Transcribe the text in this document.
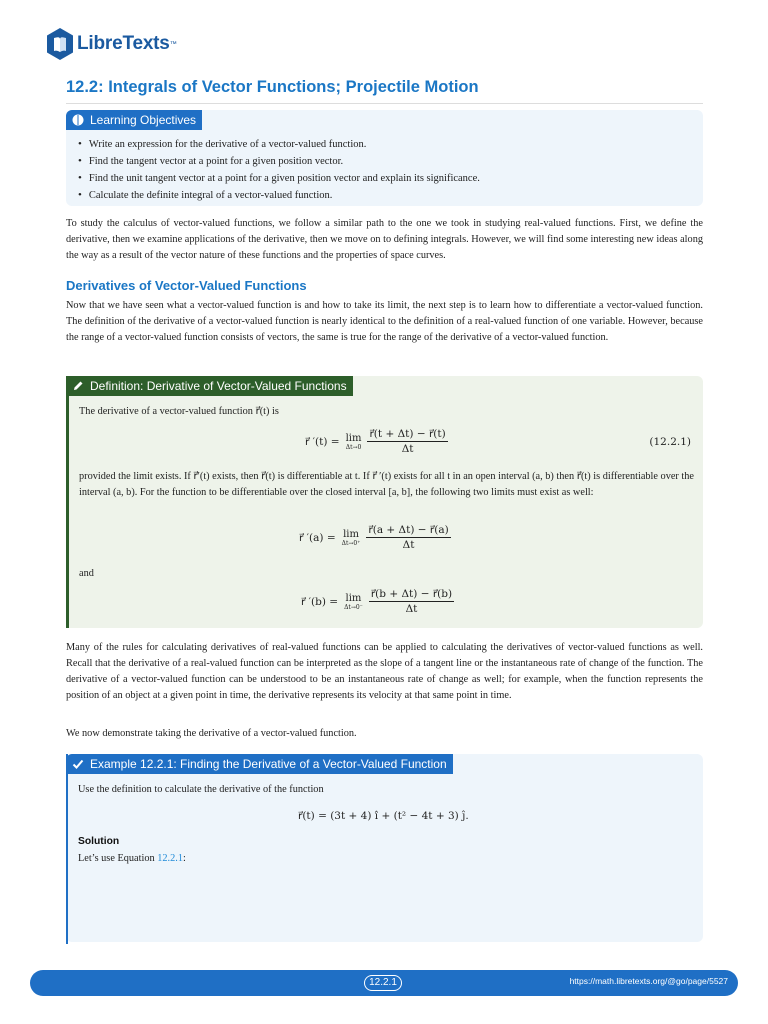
LibreTexts ™
12.2: Integrals of Vector Functions; Projectile Motion
Learning Objectives
• Write an expression for the derivative of a vector-valued function.
• Find the tangent vector at a point for a given position vector.
• Find the unit tangent vector at a point for a given position vector and explain its significance.
• Calculate the definite integral of a vector-valued function.

To study the calculus of vector-valued functions, we follow a similar path to the one we took in studying real-valued functions. First, we define the derivative, then we examine applications of the derivative, then we move on to defining integrals. However, we will find some interesting new ideas along the way as a result of the vector nature of these functions and the properties of space curves.

Derivatives of Vector-Valued Functions

Now that we have seen what a vector-valued function is and how to take its limit, the next step is to learn how to differentiate a vector-valued function. The definition of the derivative of a vector-valued function is nearly identical to the definition of a real-valued function of one variable. However, because the range of a vector-valued function consists of vectors, the same is true for the range of the derivative of a vector-valued function.

Definition: Derivative of Vector-Valued Functions

The derivative of a vector-valued function r⃗(t) is

r⃗ ′(t) = lim
$\Delta t\to 0 \frac{r⃗(t + \Delta t) - r⃗(t)}{\Delta t}$	(12.2.1)

provided the limit exists. If r⃗′(t) exists, then r⃗(t) is differentiable at t. If r⃗ ′(t) exists for all t in an open interval (a, b) then r⃗(t) is differentiable over the interval (a, b). For the function to be differentiable over the closed interval [a, b], the following two limits must exist as well:

r⃗ ′(a) = lim
$\Delta t\to 0^+ \frac{r⃗(a + \Delta t) - r⃗(a)}{\Delta t}$

and

r⃗ ′(b) = lim
$\Delta t\to 0^- \frac{r⃗(b + \Delta t) - r⃗(b)}{\Delta t}$

Many of the rules for calculating derivatives of real-valued functions can be applied to calculating the derivatives of vector-valued functions as well. Recall that the derivative of a real-valued function can be interpreted as the slope of a tangent line or the instantaneous rate of change of the function. The derivative of a vector-valued function can be understood to be an instantaneous rate of change as well; for example, when the function represents the position of an object at a given point in time, the derivative represents its velocity at that same point in time.

We now demonstrate taking the derivative of a vector-valued function.

Example 12.2.1: Finding the Derivative of a Vector-Valued Function

Use the definition to calculate the derivative of the function

r⃗(t) = (3t + 4) î + (t² − 4t + 3) ĵ.

Solution

Let’s use Equation 12.2.1:

12.2.1	https://math.libretexts.org/@go/page/5527
